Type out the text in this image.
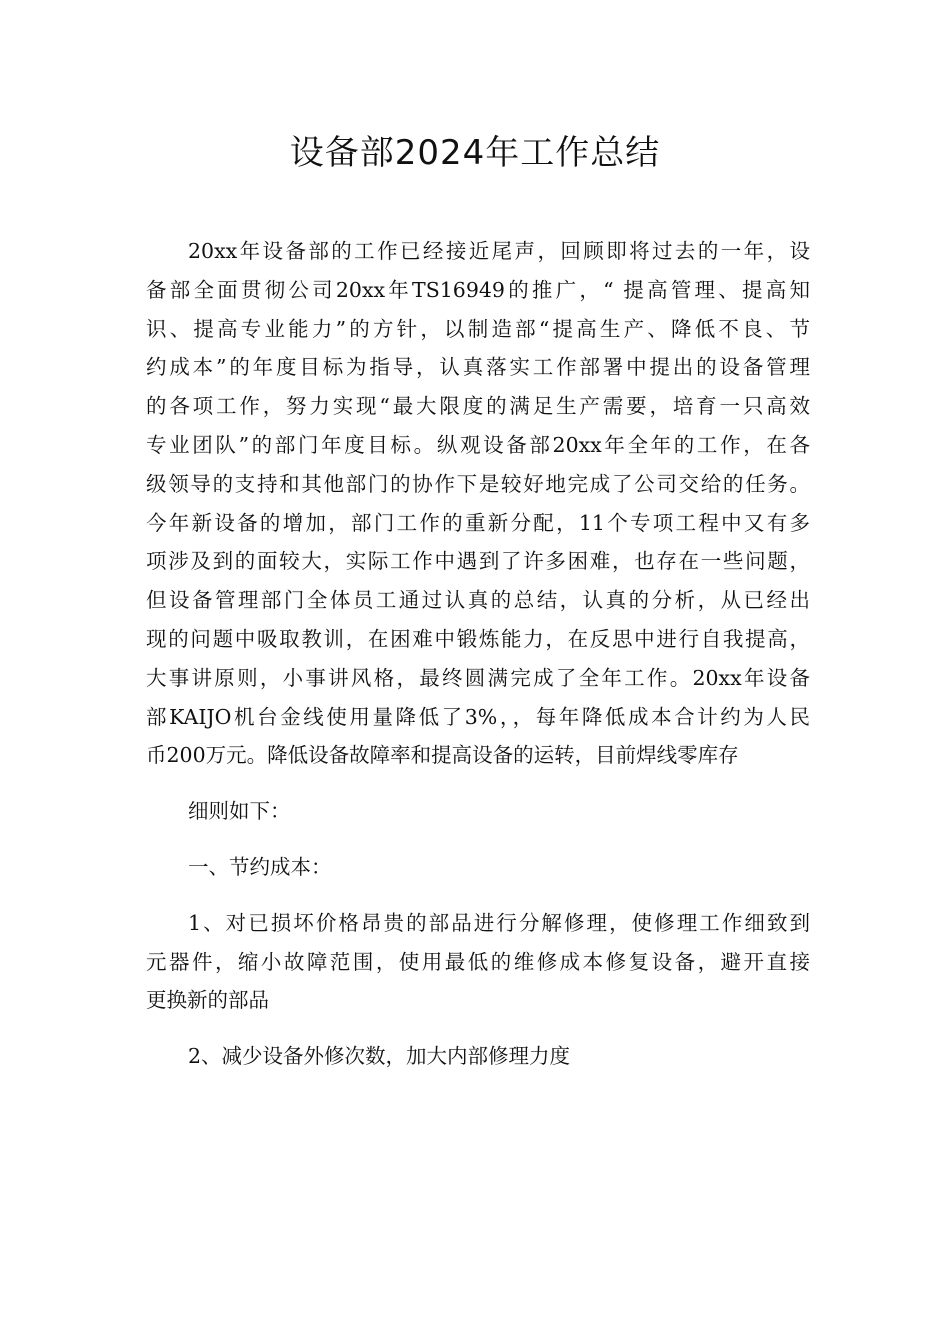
设备部2024年工作总结
20xx年设备部的工作已经接近尾声，回顾即将过去的一年，设
备部全面贯彻公司20xx年TS16949的推广，“ 提高管理、提高知
识、提高专业能力”的方针，以制造部“提高生产、降低不良、节
约成本”的年度目标为指导，认真落实工作部署中提出的设备管理
的各项工作，努力实现“最大限度的满足生产需要，培育一只高效
专业团队”的部门年度目标。纵观设备部20xx年全年的工作，在各
级领导的支持和其他部门的协作下是较好地完成了公司交给的任务。
今年新设备的增加，部门工作的重新分配，11个专项工程中又有多
项涉及到的面较大，实际工作中遇到了许多困难，也存在一些问题，
但设备管理部门全体员工通过认真的总结，认真的分析，从已经出
现的问题中吸取教训，在困难中锻炼能力，在反思中进行自我提高，
大事讲原则，小事讲风格，最终圆满完成了全年工作。20xx年设备
部KAIJO机台金线使用量降低了3%，，每年降低成本合计约为人民
币200万元。降低设备故障率和提高设备的运转，目前焊线零库存
细则如下：
一、节约成本：
1、对已损坏价格昂贵的部品进行分解修理，使修理工作细致到
元器件，缩小故障范围，使用最低的维修成本修复设备，避开直接
更换新的部品
2、减少设备外修次数，加大内部修理力度
